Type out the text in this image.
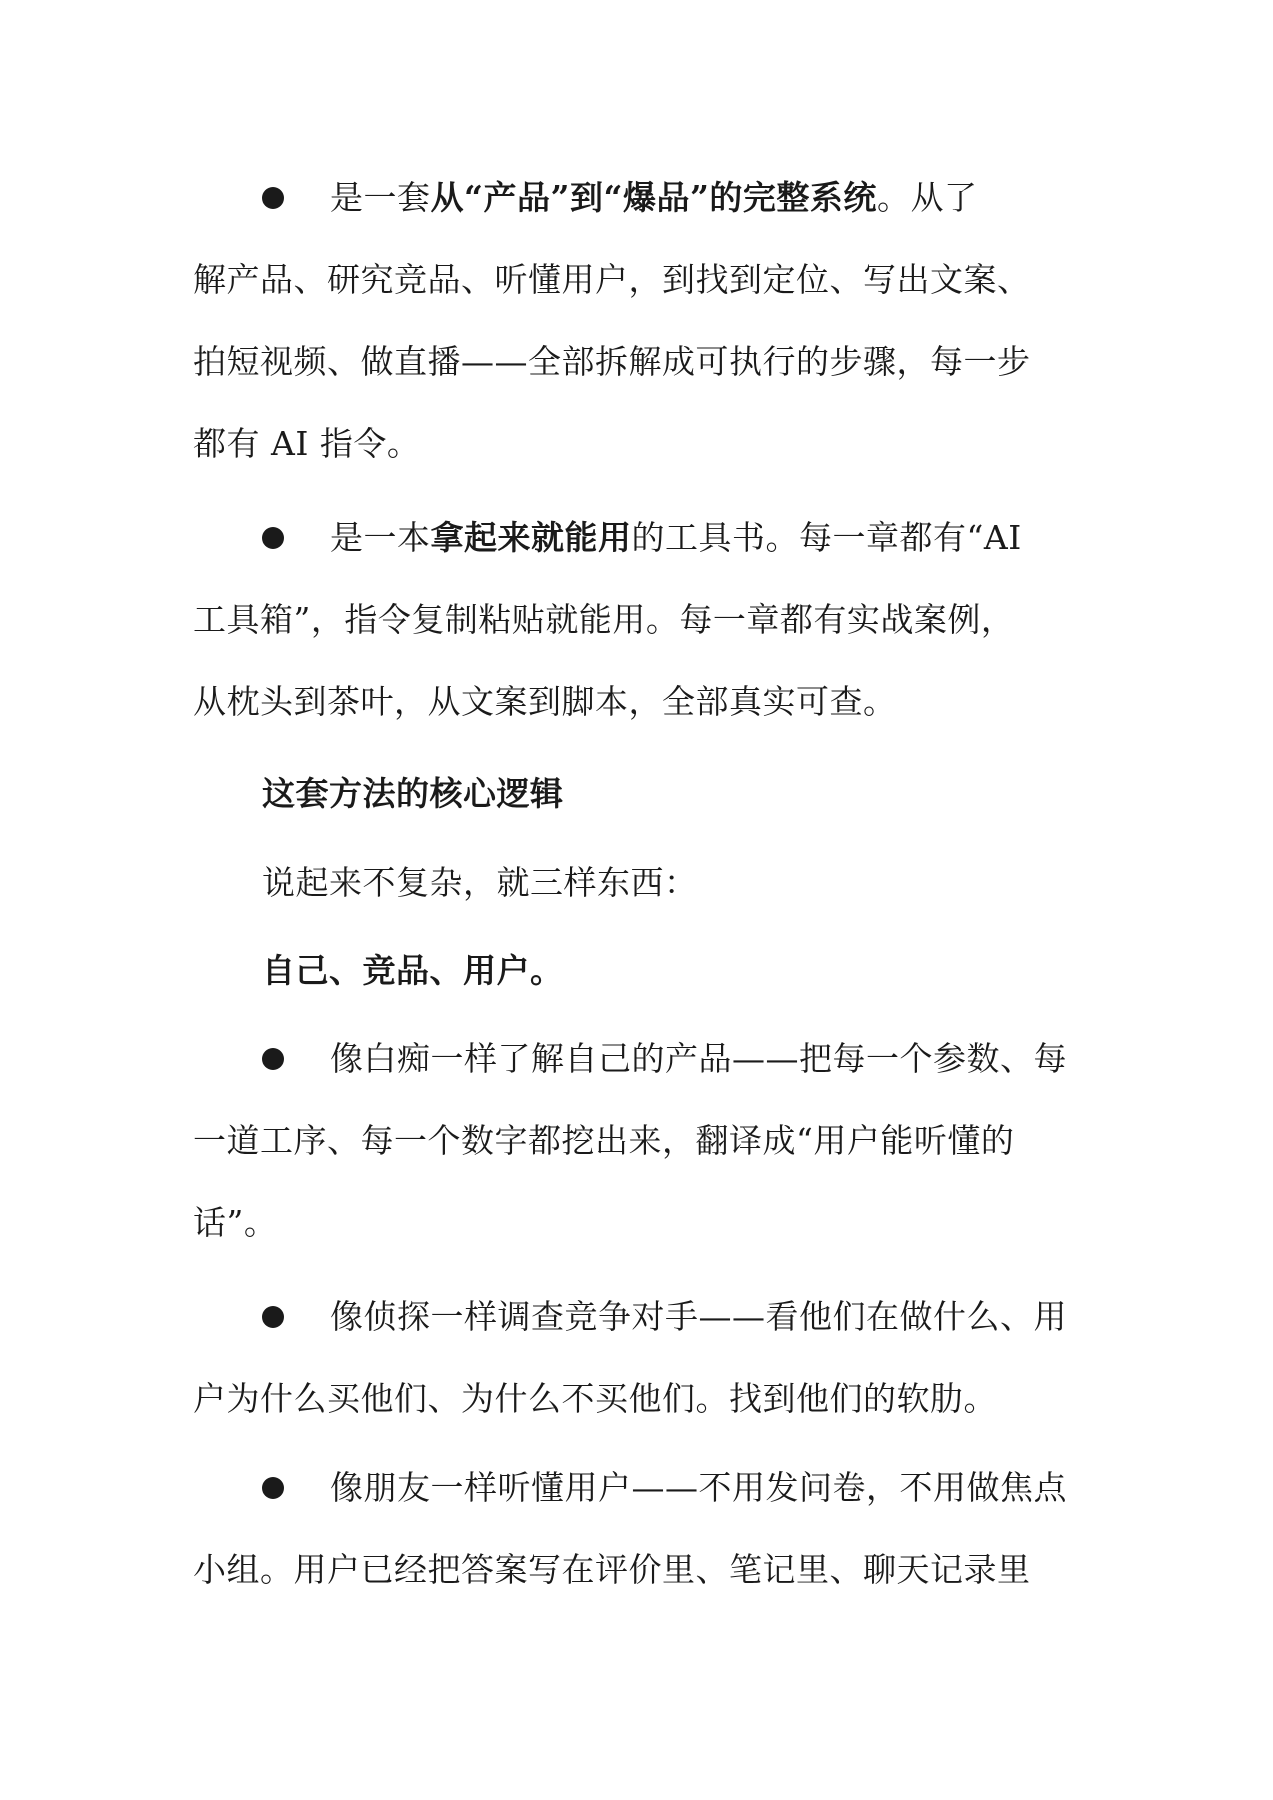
是一套从“产品”到“爆品”的完整系统。从了
解产品、研究竞品、听懂用户，到找到定位、写出文案、
拍短视频、做直播——全部拆解成可执行的步骤，每一步
都有 AI 指令。
是一本拿起来就能用的工具书。每一章都有“AI
工具箱”，指令复制粘贴就能用。每一章都有实战案例，
从枕头到茶叶，从文案到脚本，全部真实可查。
这套方法的核心逻辑
说起来不复杂，就三样东西：
自己、竞品、用户。
像白痴一样了解自己的产品——把每一个参数、每
一道工序、每一个数字都挖出来，翻译成“用户能听懂的
话”。
像侦探一样调查竞争对手——看他们在做什么、用
户为什么买他们、为什么不买他们。找到他们的软肋。
像朋友一样听懂用户——不用发问卷，不用做焦点
小组。用户已经把答案写在评价里、笔记里、聊天记录里
